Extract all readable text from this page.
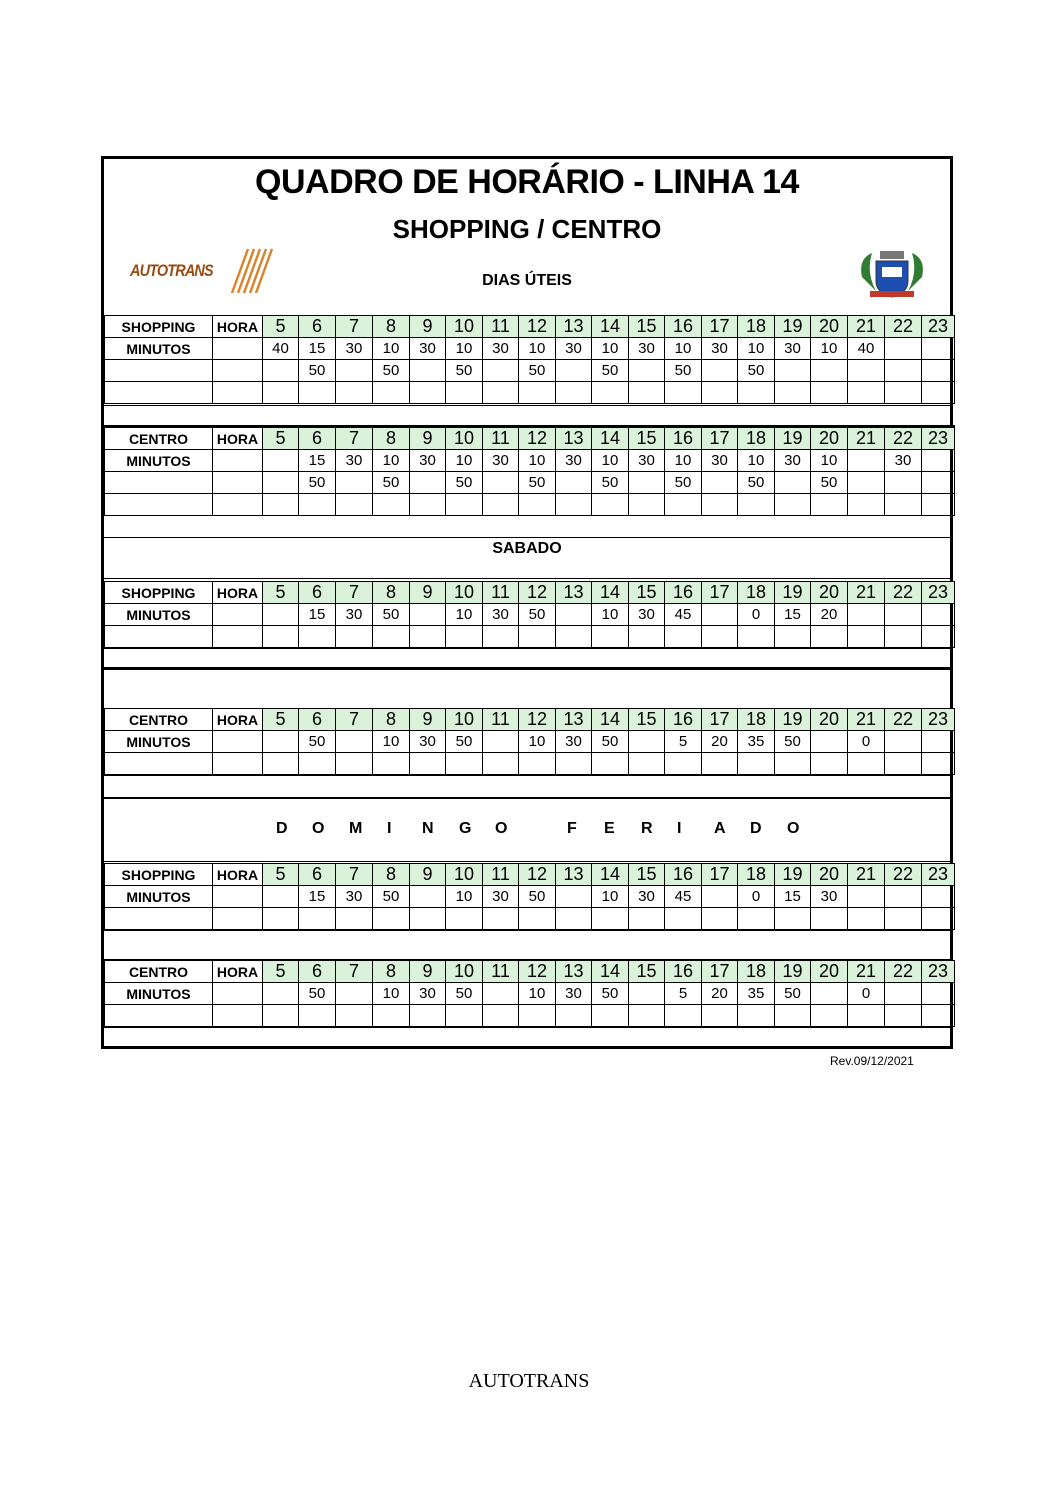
QUADRO DE HORÁRIO - LINHA 14
SHOPPING / CENTRO
AUTOTRANS
DIAS ÚTEIS
SHOPPING	HORA	5	6	7	8	9	10	11	12	13	14	15	16	17	18	19	20	21	22	23
MINUTOS		40	15	30	10	30	10	30	10	30	10	30	10	30	10	30	10	40		
			50		50		50		50		50		50		50					

CENTRO	HORA	5	6	7	8	9	10	11	12	13	14	15	16	17	18	19	20	21	22	23
MINUTOS			15	30	10	30	10	30	10	30	10	30	10	30	10	30	10		30	
			50		50		50		50		50		50		50		50			

SABADO
SHOPPING	HORA	5	6	7	8	9	10	11	12	13	14	15	16	17	18	19	20	21	22	23
MINUTOS			15	30	50		10	30	50		10	30	45		0	15	20			

CENTRO	HORA	5	6	7	8	9	10	11	12	13	14	15	16	17	18	19	20	21	22	23
MINUTOS			50		10	30	50		10	30	50		5	20	35	50		0		

D O M I N G O	F E R I A D O
SHOPPING	HORA	5	6	7	8	9	10	11	12	13	14	15	16	17	18	19	20	21	22	23
MINUTOS			15	30	50		10	30	50		10	30	45		0	15	30			

CENTRO	HORA	5	6	7	8	9	10	11	12	13	14	15	16	17	18	19	20	21	22	23
MINUTOS			50		10	30	50		10	30	50		5	20	35	50		0		

Rev.09/12/2021
AUTOTRANS
